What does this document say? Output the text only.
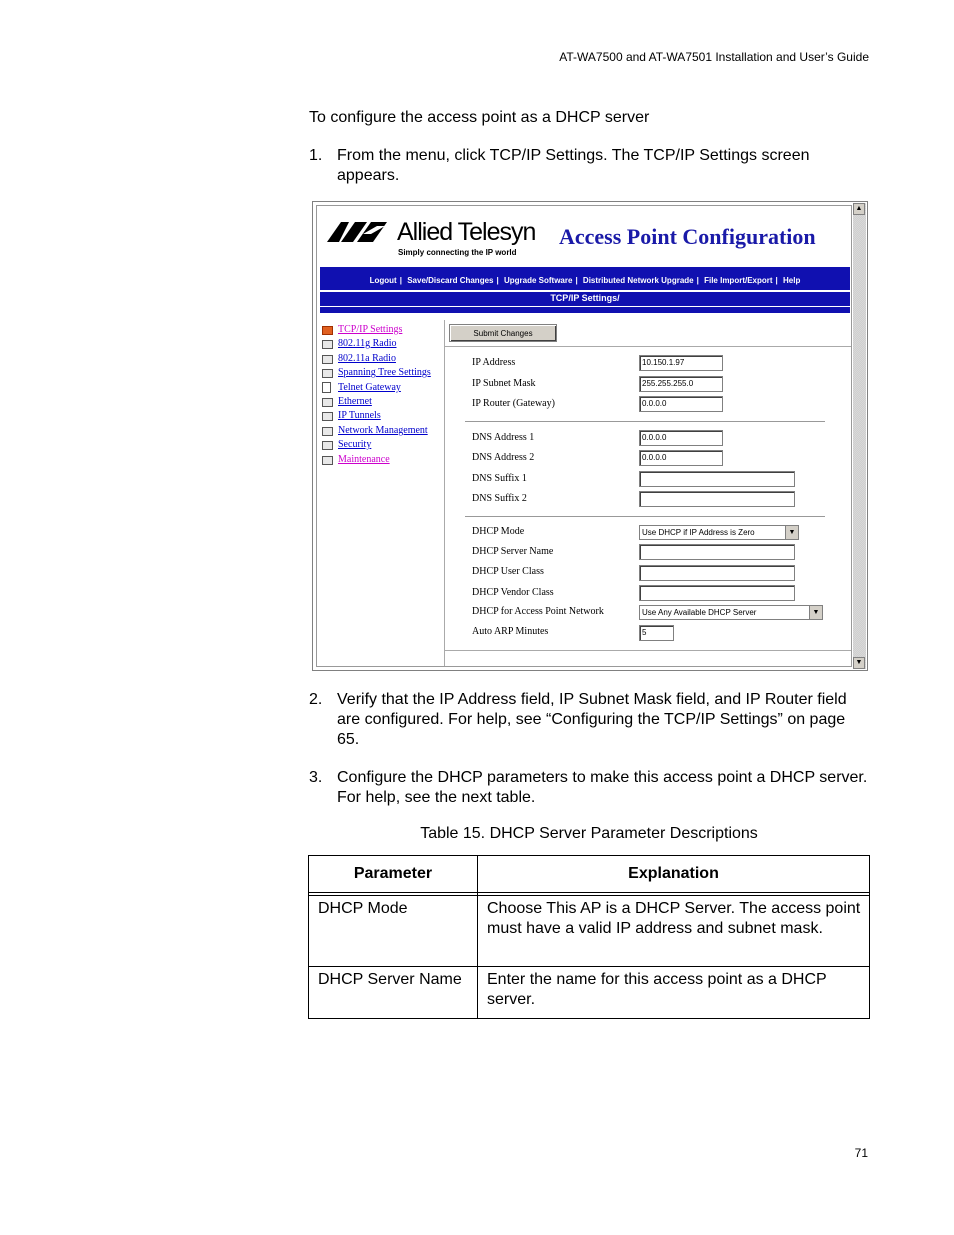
AT-WA7500 and AT-WA7501 Installation and User’s Guide
To configure the access point as a DHCP server
1. From the menu, click TCP/IP Settings. The TCP/IP Settings screen appears.
Allied Telesyn
Simply connecting the IP world
Access Point Configuration
Logout | Save/Discard Changes | Upgrade Software | Distributed Network Upgrade | File Import/Export | Help
TCP/IP Settings/
TCP/IP Settings
802.11g Radio
802.11a Radio
Spanning Tree Settings
Telnet Gateway
Ethernet
IP Tunnels
Network Management
Security
Maintenance
Submit Changes
IP Address	10.150.1.97
IP Subnet Mask	255.255.255.0
IP Router (Gateway)	0.0.0.0
DNS Address 1	0.0.0.0
DNS Address 2	0.0.0.0
DNS Suffix 1
DNS Suffix 2
DHCP Mode	Use DHCP if IP Address is Zero	▼
DHCP Server Name
DHCP User Class
DHCP Vendor Class
DHCP for Access Point Network	Use Any Available DHCP Server	▼
Auto ARP Minutes	5
▲
▼
2. Verify that the IP Address field, IP Subnet Mask field, and IP Router field are configured. For help, see “Configuring the TCP/IP Settings” on page 65.
3. Configure the DHCP parameters to make this access point a DHCP server. For help, see the next table.
Table 15. DHCP Server Parameter Descriptions
Parameter	Explanation

DHCP Mode	Choose This AP is a DHCP Server. The access point must have a valid IP address and subnet mask.
DHCP Server Name	Enter the name for this access point as a DHCP server.
71
